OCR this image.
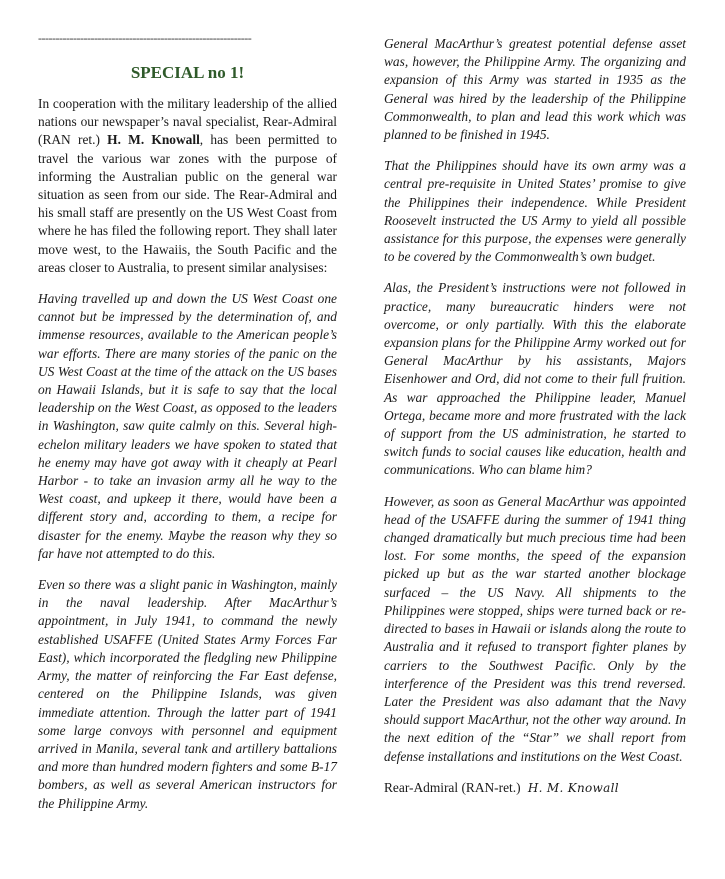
-------------------------------------------------------------
SPECIAL no 1!

In cooperation with the military leadership of the allied nations our newspaper’s naval specialist, Rear-Admiral (RAN ret.) H. M. Knowall, has been permitted to travel the various war zones with the purpose of informing the Australian public on the general war situation as seen from our side. The Rear-Admiral and his small staff are presently on the US West Coast from where he has filed the following report. They shall later move west, to the Hawaiis, the South Pacific and the areas closer to Australia, to present similar analysises:

Having travelled up and down the US West Coast one cannot but be impressed by the determination of, and immense resources, available to the American people’s war efforts. There are many stories of the panic on the US West Coast at the time of the attack on the US bases on Hawaii Islands, but it is safe to say that the local leadership on the West Coast, as opposed to the leaders in Washington, saw quite calmly on this. Several high-echelon military leaders we have spoken to stated that he enemy may have got away with it cheaply at Pearl Harbor - to take an invasion army all he way to the West coast, and upkeep it there, would have been a different story and, according to them, a recipe for disaster for the enemy. Maybe the reason why they so far have not attempted to do this.

Even so there was a slight panic in Washington, mainly in the naval leadership. After MacArthur’s appointment, in July 1941, to command the newly established USAFFE (United States Army Forces Far East), which incorporated the fledgling new Philippine Army, the matter of reinforcing the Far East defense, centered on the Philippine Islands, was given immediate attention. Through the latter part of 1941 some large convoys with personnel and equipment arrived in Manila, several tank and artillery battalions and more than hundred modern fighters and some B-17 bombers, as well as several American instructors for the Philippine Army.

General MacArthur’s greatest potential defense asset was, however, the Philippine Army. The organizing and expansion of this Army was started in 1935 as the General was hired by the leadership of the Philippine Commonwealth, to plan and lead this work which was planned to be finished in 1945.

That the Philippines should have its own army was a central pre-requisite in United States’ promise to give the Philippines their independence. While President Roosevelt instructed the US Army to yield all possible assistance for this purpose, the expenses were generally to be covered by the Commonwealth’s own budget.

Alas, the President’s instructions were not followed in practice, many bureaucratic hinders were not overcome, or only partially. With this the elaborate expansion plans for the Philippine Army worked out for General MacArthur by his assistants, Majors Eisenhower and Ord, did not come to their full fruition. As war approached the Philippine leader, Manuel Ortega, became more and more frustrated with the lack of support from the US administration, he started to switch funds to social causes like education, health and communications. Who can blame him?

However, as soon as General MacArthur was appointed head of the USAFFE during the summer of 1941 thing changed dramatically but much precious time had been lost. For some months, the speed of the expansion picked up but as the war started another blockage surfaced – the US Navy. All shipments to the Philippines were stopped, ships were turned back or re-directed to bases in Hawaii or islands along the route to Australia and it refused to transport fighter planes by carriers to the Southwest Pacific. Only by the interference of the President was this trend reversed. Later the President was also adamant that the Navy should support MacArthur, not the other way around. In the next edition of the “Star” we shall report from defense installations and institutions on the West Coast.

Rear-Admiral (RAN-ret.) H. M. Knowall
